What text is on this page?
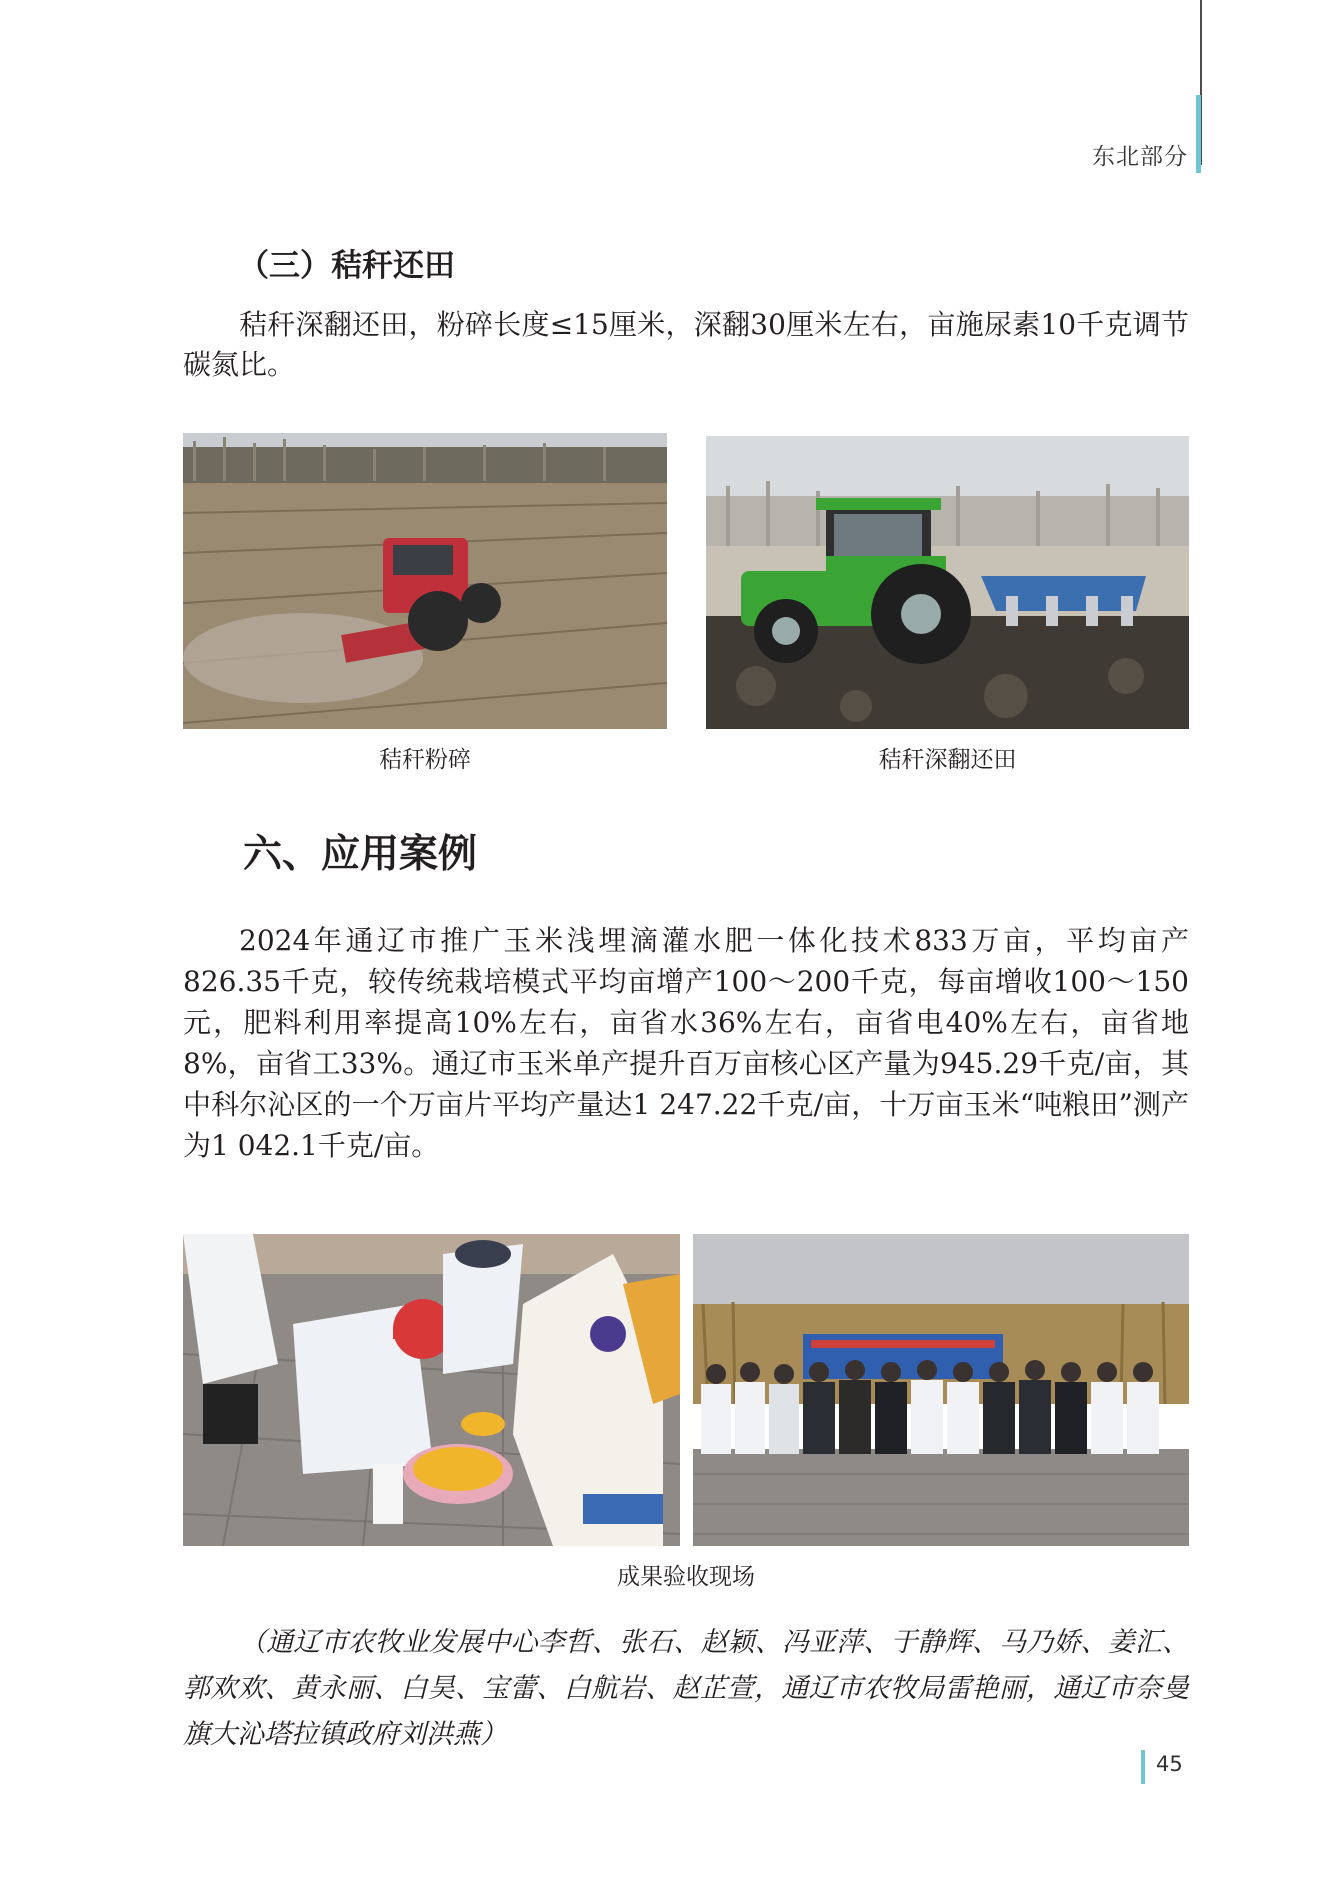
东北部分
（三）秸秆还田

秸秆深翻还田，粉碎长度≤15厘米，深翻30厘米左右，亩施尿素10千克调节碳氮比。

秸秆粉碎	秸秆深翻还田
六、应用案例

2024年通辽市推广玉米浅埋滴灌水肥一体化技术833万亩，平均亩产826.35千克，较传统栽培模式平均亩增产100～200千克，每亩增收100～150元，肥料利用率提高10%左右，亩省水36%左右，亩省电40%左右，亩省地8%，亩省工33%。通辽市玉米单产提升百万亩核心区产量为945.29千克/亩，其中科尔沁区的一个万亩片平均产量达1 247.22千克/亩，十万亩玉米“吨粮田”测产为1 042.1千克/亩。

成果验收现场

（通辽市农牧业发展中心李哲、张石、赵颖、冯亚萍、于静辉、马乃娇、姜汇、郭欢欢、黄永丽、白昊、宝蕾、白航岩、赵芷萱，通辽市农牧局雷艳丽，通辽市奈曼旗大沁塔拉镇政府刘洪燕）

45
